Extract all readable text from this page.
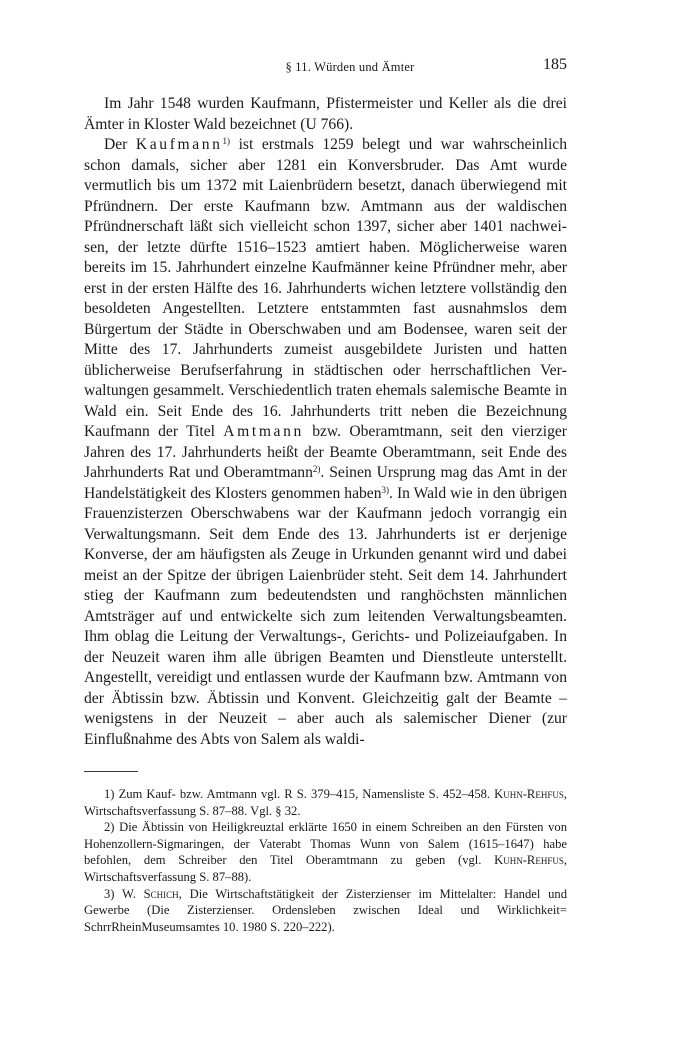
§ 11. Würden und Ämter	185

Im Jahr 1548 wurden Kaufmann, Pfistermeister und Keller als die drei Ämter in Kloster Wald bezeichnet (U 766).

Der Kaufmann$^{1)}$ ist erstmals 1259 belegt und war wahrscheinlich schon damals, sicher aber 1281 ein Konversbruder. Das Amt wurde vermutlich bis um 1372 mit Laienbrüdern besetzt, danach überwiegend mit Pfründnern. Der erste Kaufmann bzw. Amtmann aus der waldischen Pfründnerschaft läßt sich vielleicht schon 1397, sicher aber 1401 nachweisen, der letzte dürfte 1516–1523 amtiert haben. Möglicherweise waren bereits im 15. Jahrhundert einzelne Kaufmänner keine Pfründner mehr, aber erst in der ersten Hälfte des 16. Jahrhunderts wichen letztere vollständig den besoldeten Angestellten. Letztere entstammten fast ausnahmslos dem Bürgertum der Städte in Oberschwaben und am Bodensee, waren seit der Mitte des 17. Jahrhunderts zumeist ausgebildete Juristen und hatten üblicherweise Berufserfahrung in städtischen oder herrschaftlichen Verwaltungen gesammelt. Verschiedentlich traten ehemals salemische Beamte in Wald ein. Seit Ende des 16. Jahrhunderts tritt neben die Bezeichnung Kaufmann der Titel Amtmann bzw. Oberamtmann, seit den vierziger Jahren des 17. Jahrhunderts heißt der Beamte Oberamtmann, seit Ende des Jahrhunderts Rat und Oberamtmann$^{2)}$. Seinen Ursprung mag das Amt in der Handelstätigkeit des Klosters genommen haben$^{3)}$. In Wald wie in den übrigen Frauenzisterzen Oberschwabens war der Kaufmann jedoch vorrangig ein Verwaltungsmann. Seit dem Ende des 13. Jahrhunderts ist er derjenige Konverse, der am häufigsten als Zeuge in Urkunden genannt wird und dabei meist an der Spitze der übrigen Laienbrüder steht. Seit dem 14. Jahrhundert stieg der Kaufmann zum bedeutendsten und ranghöchsten männlichen Amtsträger auf und entwickelte sich zum leitenden Verwaltungsbeamten. Ihm oblag die Leitung der Verwaltungs-, Gerichts- und Polizeiaufgaben. In der Neuzeit waren ihm alle übrigen Beamten und Dienstleute unterstellt. Angestellt, vereidigt und entlassen wurde der Kaufmann bzw. Amtmann von der Äbtissin bzw. Äbtissin und Konvent. Gleichzeitig galt der Beamte – wenigstens in der Neuzeit – aber auch als salemischer Diener (zur Einflußnahme des Abts von Salem als waldi-

1) Zum Kauf- bzw. Amtmann vgl. R S. 379–415, Namensliste S. 452–458. Kuhn-Rehfus, Wirtschaftsverfassung S. 87–88. Vgl. § 32.

2) Die Äbtissin von Heiligkreuztal erklärte 1650 in einem Schreiben an den Fürsten von Hohenzollern-Sigmaringen, der Vaterabt Thomas Wunn von Salem (1615–1647) habe befohlen, dem Schreiber den Titel Oberamtmann zu geben (vgl. Kuhn-Rehfus, Wirtschaftsverfassung S. 87–88).

3) W. Schich, Die Wirtschaftstätigkeit der Zisterzienser im Mittelalter: Handel und Gewerbe (Die Zisterzienser. Ordensleben zwischen Ideal und Wirklichkeit= SchrrRheinMuseumsamtes 10. 1980 S. 220–222).
